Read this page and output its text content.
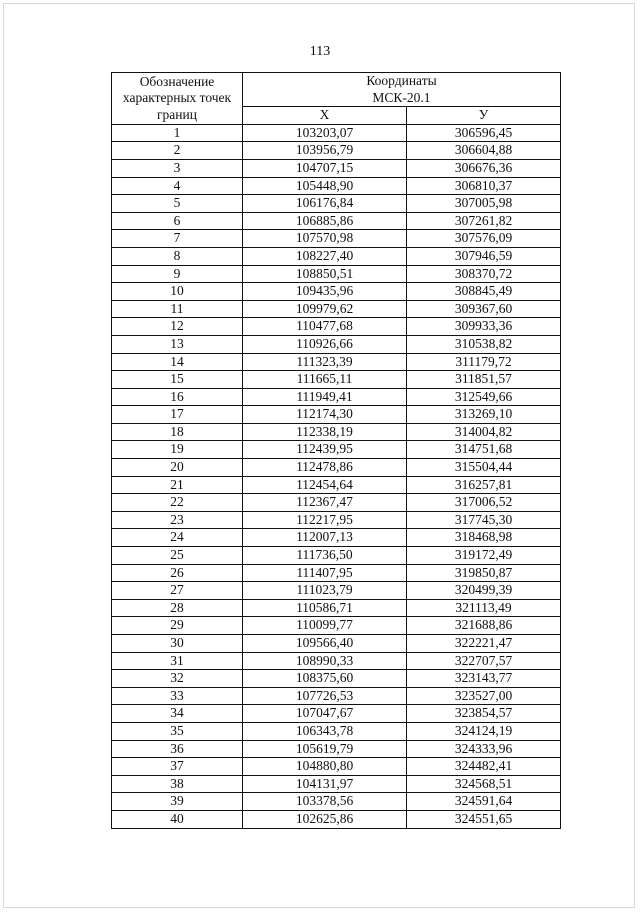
113
Обозначение
характерных точек
границ	Координаты
МСК-20.1	
	X	У
1	103203,07	306596,45
2	103956,79	306604,88
3	104707,15	306676,36
4	105448,90	306810,37
5	106176,84	307005,98
6	106885,86	307261,82
7	107570,98	307576,09
8	108227,40	307946,59
9	108850,51	308370,72
10	109435,96	308845,49
11	109979,62	309367,60
12	110477,68	309933,36
13	110926,66	310538,82
14	111323,39	311179,72
15	111665,11	311851,57
16	111949,41	312549,66
17	112174,30	313269,10
18	112338,19	314004,82
19	112439,95	314751,68
20	112478,86	315504,44
21	112454,64	316257,81
22	112367,47	317006,52
23	112217,95	317745,30
24	112007,13	318468,98
25	111736,50	319172,49
26	111407,95	319850,87
27	111023,79	320499,39
28	110586,71	321113,49
29	110099,77	321688,86
30	109566,40	322221,47
31	108990,33	322707,57
32	108375,60	323143,77
33	107726,53	323527,00
34	107047,67	323854,57
35	106343,78	324124,19
36	105619,79	324333,96
37	104880,80	324482,41
38	104131,97	324568,51
39	103378,56	324591,64
40	102625,86	324551,65
